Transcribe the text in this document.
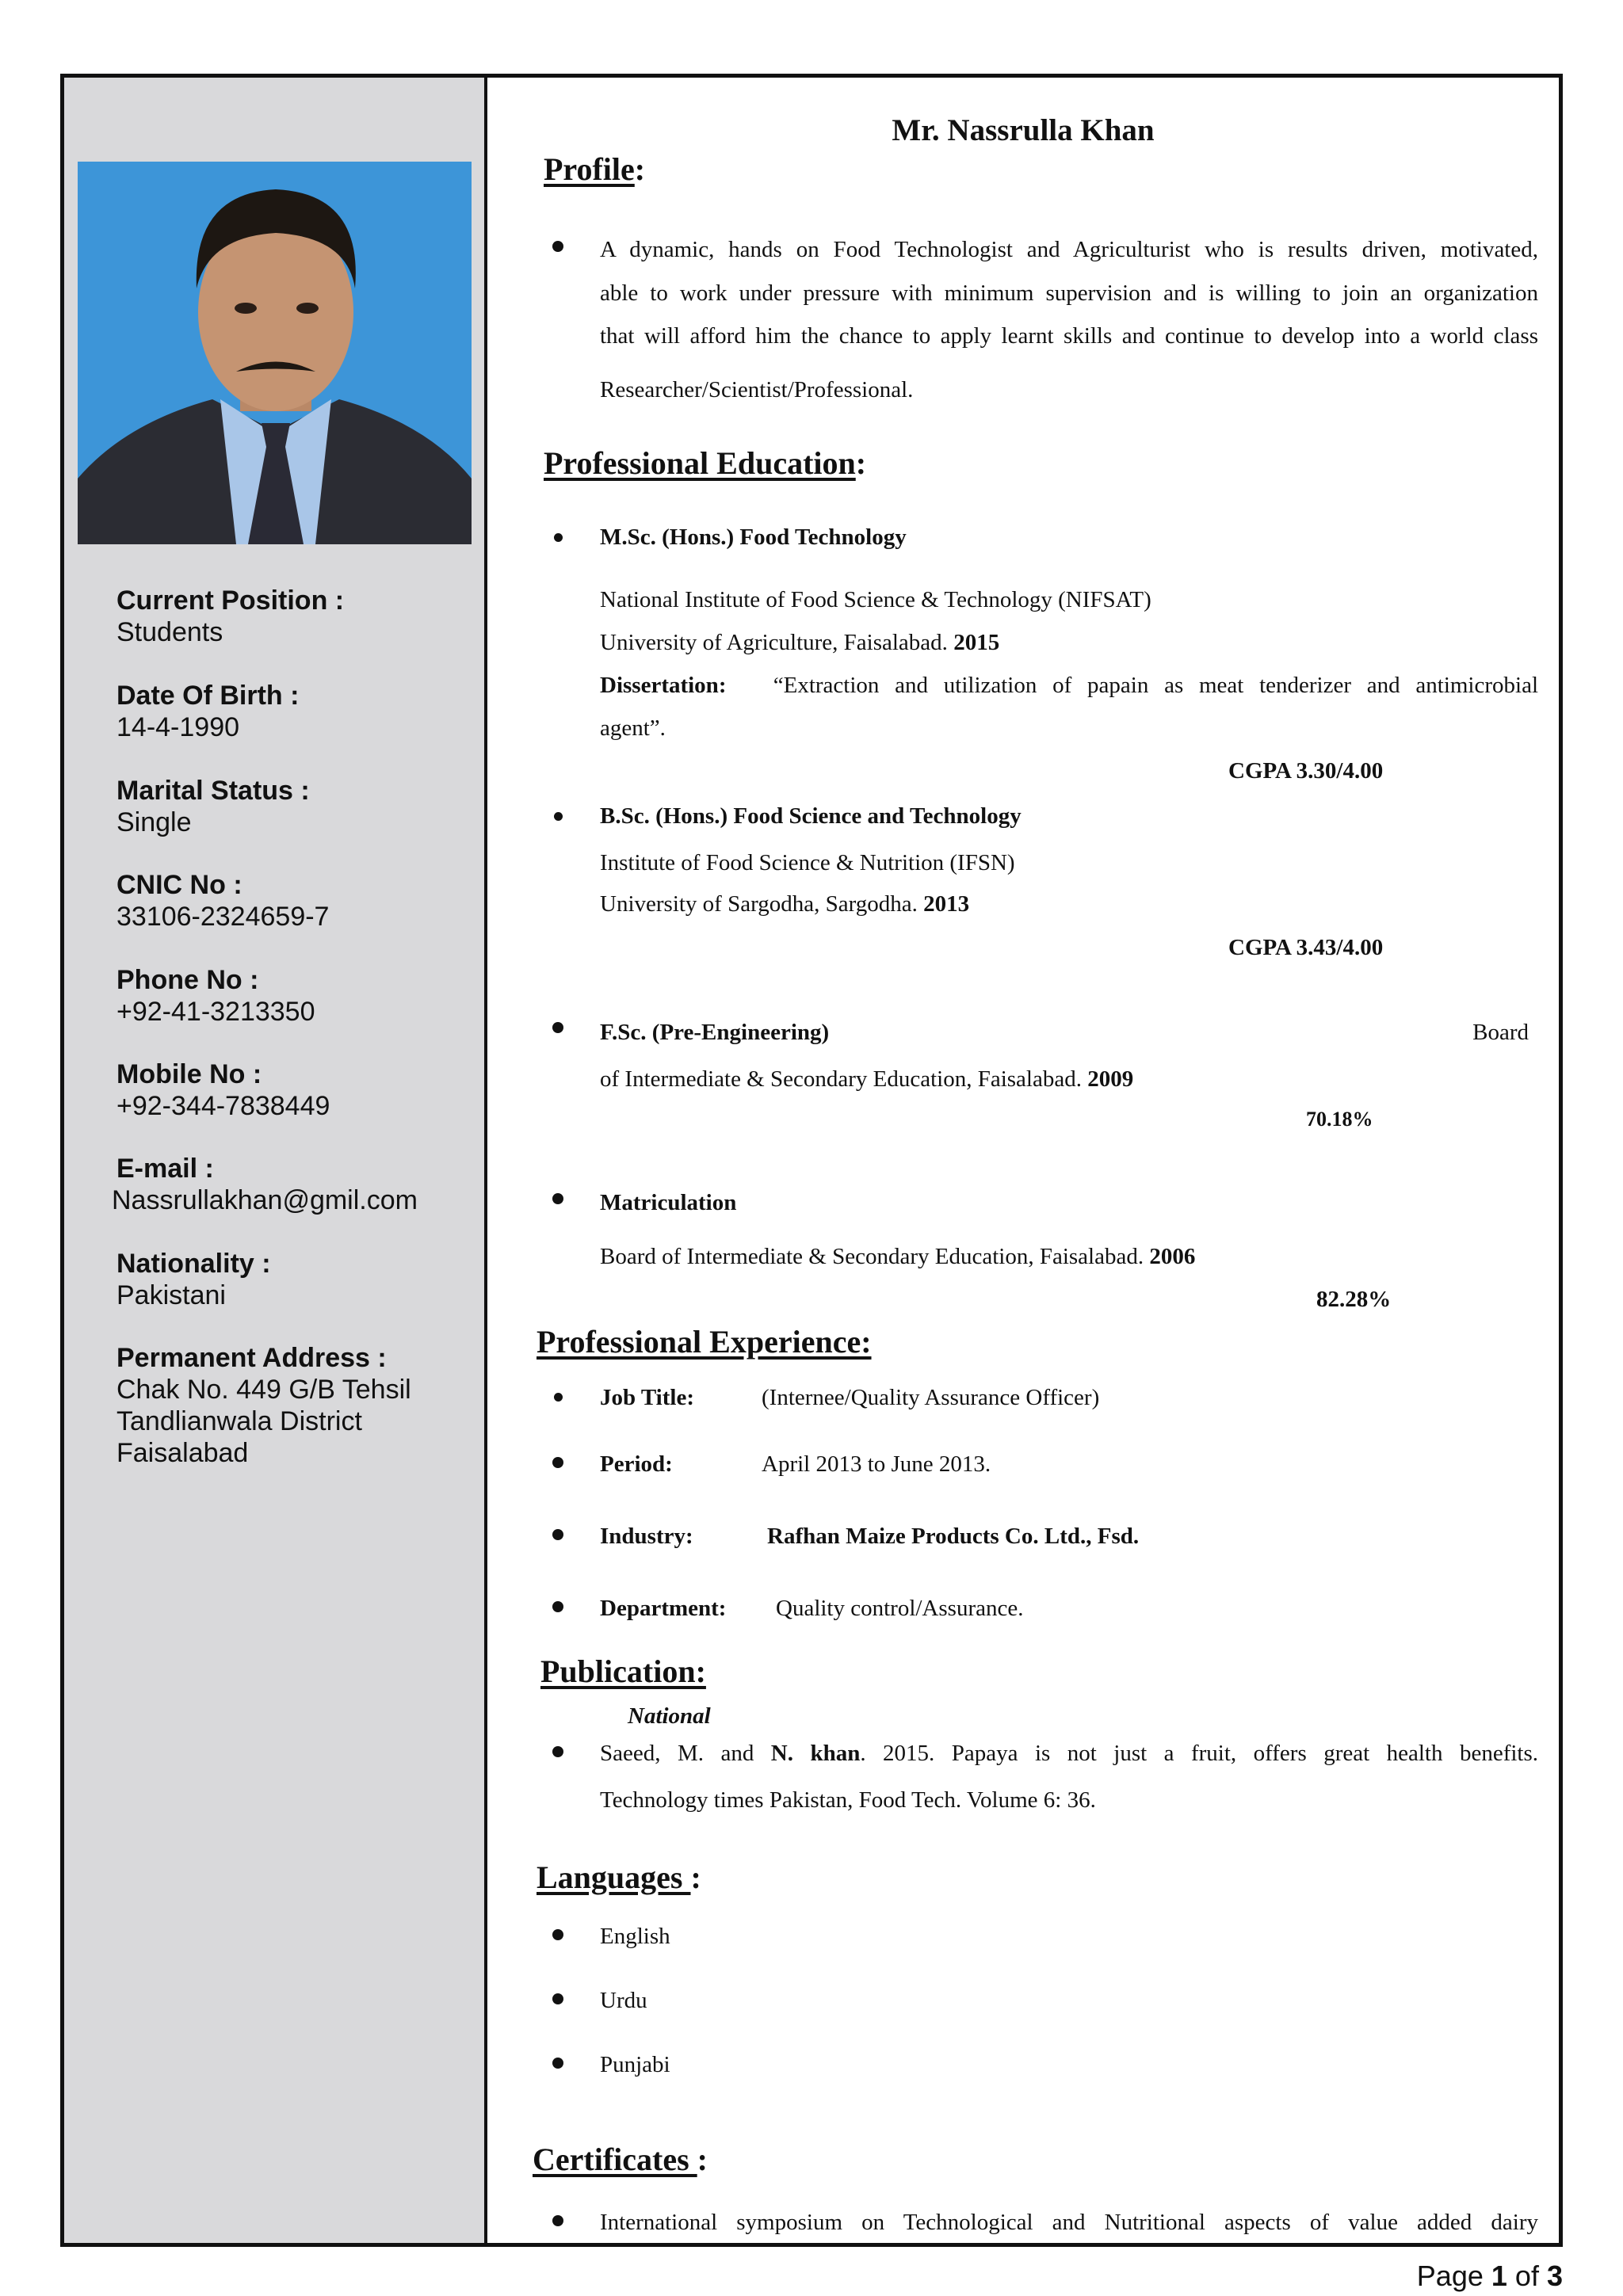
Current Position :
Students
Date Of Birth :
14-4-1990
Marital Status :
Single
CNIC No :
33106-2324659-7
Phone No :
+92-41-3213350
Mobile No :
+92-344-7838449
E-mail :
Nassrullakhan@gmil.com
Nationality :
Pakistani
Permanent Address :
Chak No. 449 G/B Tehsil
Tandlianwala District
Faisalabad
Mr. Nassrulla Khan
Profile:
A dynamic, hands on Food Technologist and Agriculturist who is results driven, motivated,
able to work under pressure with minimum supervision and is willing to join an organization
that will afford him the chance to apply learnt skills and continue to develop into a world class
Researcher/Scientist/Professional.
Professional Education:
M.Sc. (Hons.) Food Technology
National Institute of Food Science & Technology (NIFSAT)
University of Agriculture, Faisalabad. 2015
Dissertation: “Extraction and utilization of papain as meat tenderizer and antimicrobial
agent”.
CGPA 3.30/4.00
B.Sc. (Hons.) Food Science and Technology
Institute of Food Science & Nutrition (IFSN)
University of Sargodha, Sargodha. 2013
CGPA 3.43/4.00
F.Sc. (Pre-Engineering)	Board
of Intermediate & Secondary Education, Faisalabad. 2009
70.18%
Matriculation
Board of Intermediate & Secondary Education, Faisalabad. 2006
82.28%
Professional Experience:
Job Title:	(Internee/Quality Assurance Officer)
Period:	April 2013 to June 2013.
Industry:	Rafhan Maize Products Co. Ltd., Fsd.
Department: Quality control/Assurance.
Publication:
National
Saeed, M. and N. khan. 2015. Papaya is not just a fruit, offers great health benefits.
Technology times Pakistan, Food Tech. Volume 6: 36.
Languages :
English
Urdu
Punjabi
Certificates :
International symposium on Technological and Nutritional aspects of value added dairy
Page 1 of 3
